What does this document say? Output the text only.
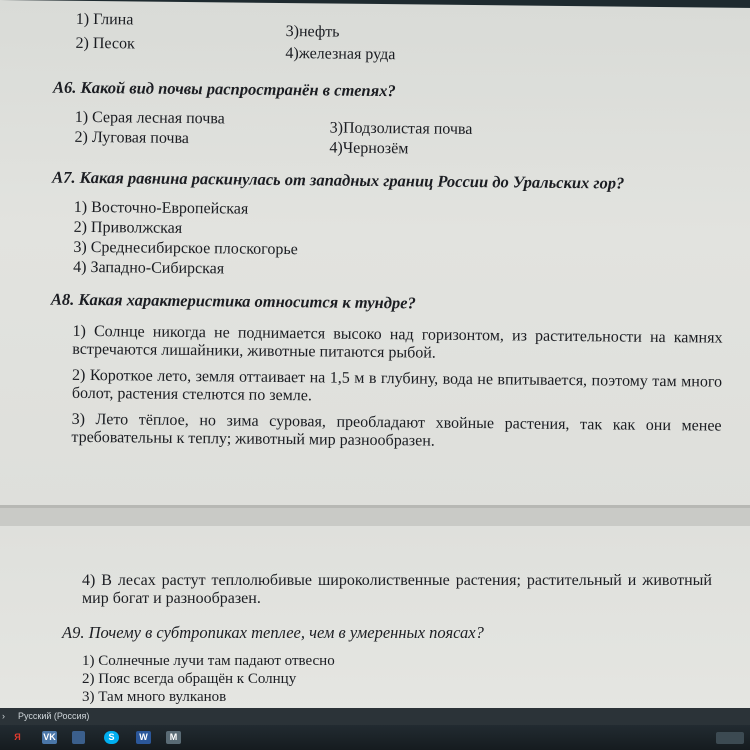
1) Глина
2) Песок
3)нефть
4)железная руда
А6. Какой вид почвы распространён в степях?
1) Серая лесная почва
2) Луговая почва	3)Подзолистая почва
4)Чернозём
А7. Какая равнина раскинулась от западных границ России до Уральских гор?
1) Восточно-Европейская
2) Приволжская
3) Среднесибирское плоскогорье
4) Западно-Сибирская
А8. Какая характеристика относится к тундре?
1) Солнце никогда не поднимается высоко над горизонтом, из растительности на камнях встречаются лишайники, животные питаются рыбой.
2) Короткое лето, земля оттаивает на 1,5 м в глубину, вода не впитывается, поэтому там много болот, растения стелются по земле.
3) Лето тёплое, но зима суровая, преобладают хвойные растения, так как они менее требовательны к теплу; животный мир разнообразен.
4) В лесах растут теплолюбивые широколиственные растения; растительный и животный мир богат и разнообразен.
А9. Почему в субтропиках теплее, чем в умеренных поясах?
1) Солнечные лучи там падают отвесно
2) Пояс всегда обращён к Солнцу
3) Там много вулканов
› Русский (Россия)
Я	VK	S	W	M
